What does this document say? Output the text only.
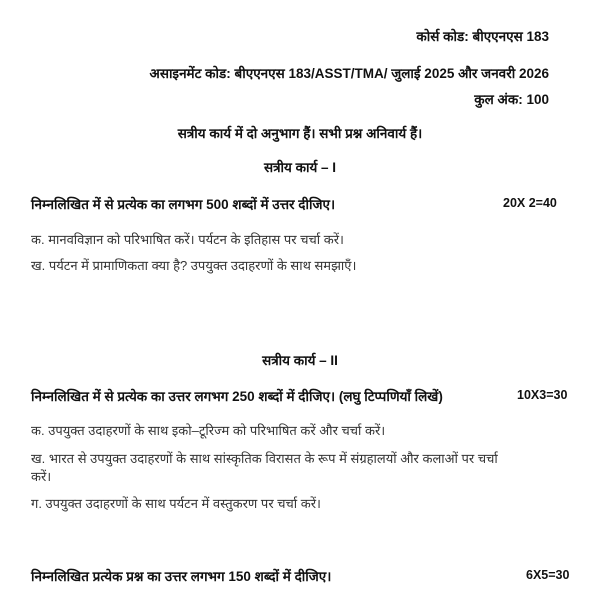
कोर्स कोड: बीएएनएस 183
असाइनमेंट कोड: बीएएनएस 183/ASST/TMA/ जुलाई 2025 और जनवरी 2026
कुल अंक: 100
सत्रीय कार्य में दो अनुभाग हैं। सभी प्रश्न अनिवार्य हैं।
सत्रीय कार्य – I
निम्नलिखित में से प्रत्येक का लगभग 500 शब्दों में उत्तर दीजिए।	20X 2=40
क. मानवविज्ञान को परिभाषित करें। पर्यटन के इतिहास पर चर्चा करें।
ख. पर्यटन में प्रामाणिकता क्या है? उपयुक्त उदाहरणों के साथ समझाएँ।
सत्रीय कार्य – II
निम्नलिखित में से प्रत्येक का उत्तर लगभग 250 शब्दों में दीजिए। (लघु टिप्पणियाँ लिखें)	10X3=30
क. उपयुक्त उदाहरणों के साथ इको–टूरिज्म को परिभाषित करें और चर्चा करें।
ख. भारत से उपयुक्त उदाहरणों के साथ सांस्कृतिक विरासत के रूप में संग्रहालयों और कलाओं पर चर्चा
करें।
ग. उपयुक्त उदाहरणों के साथ पर्यटन में वस्तुकरण पर चर्चा करें।
निम्नलिखित प्रत्येक प्रश्न का उत्तर लगभग 150 शब्दों में दीजिए।	6X5=30
